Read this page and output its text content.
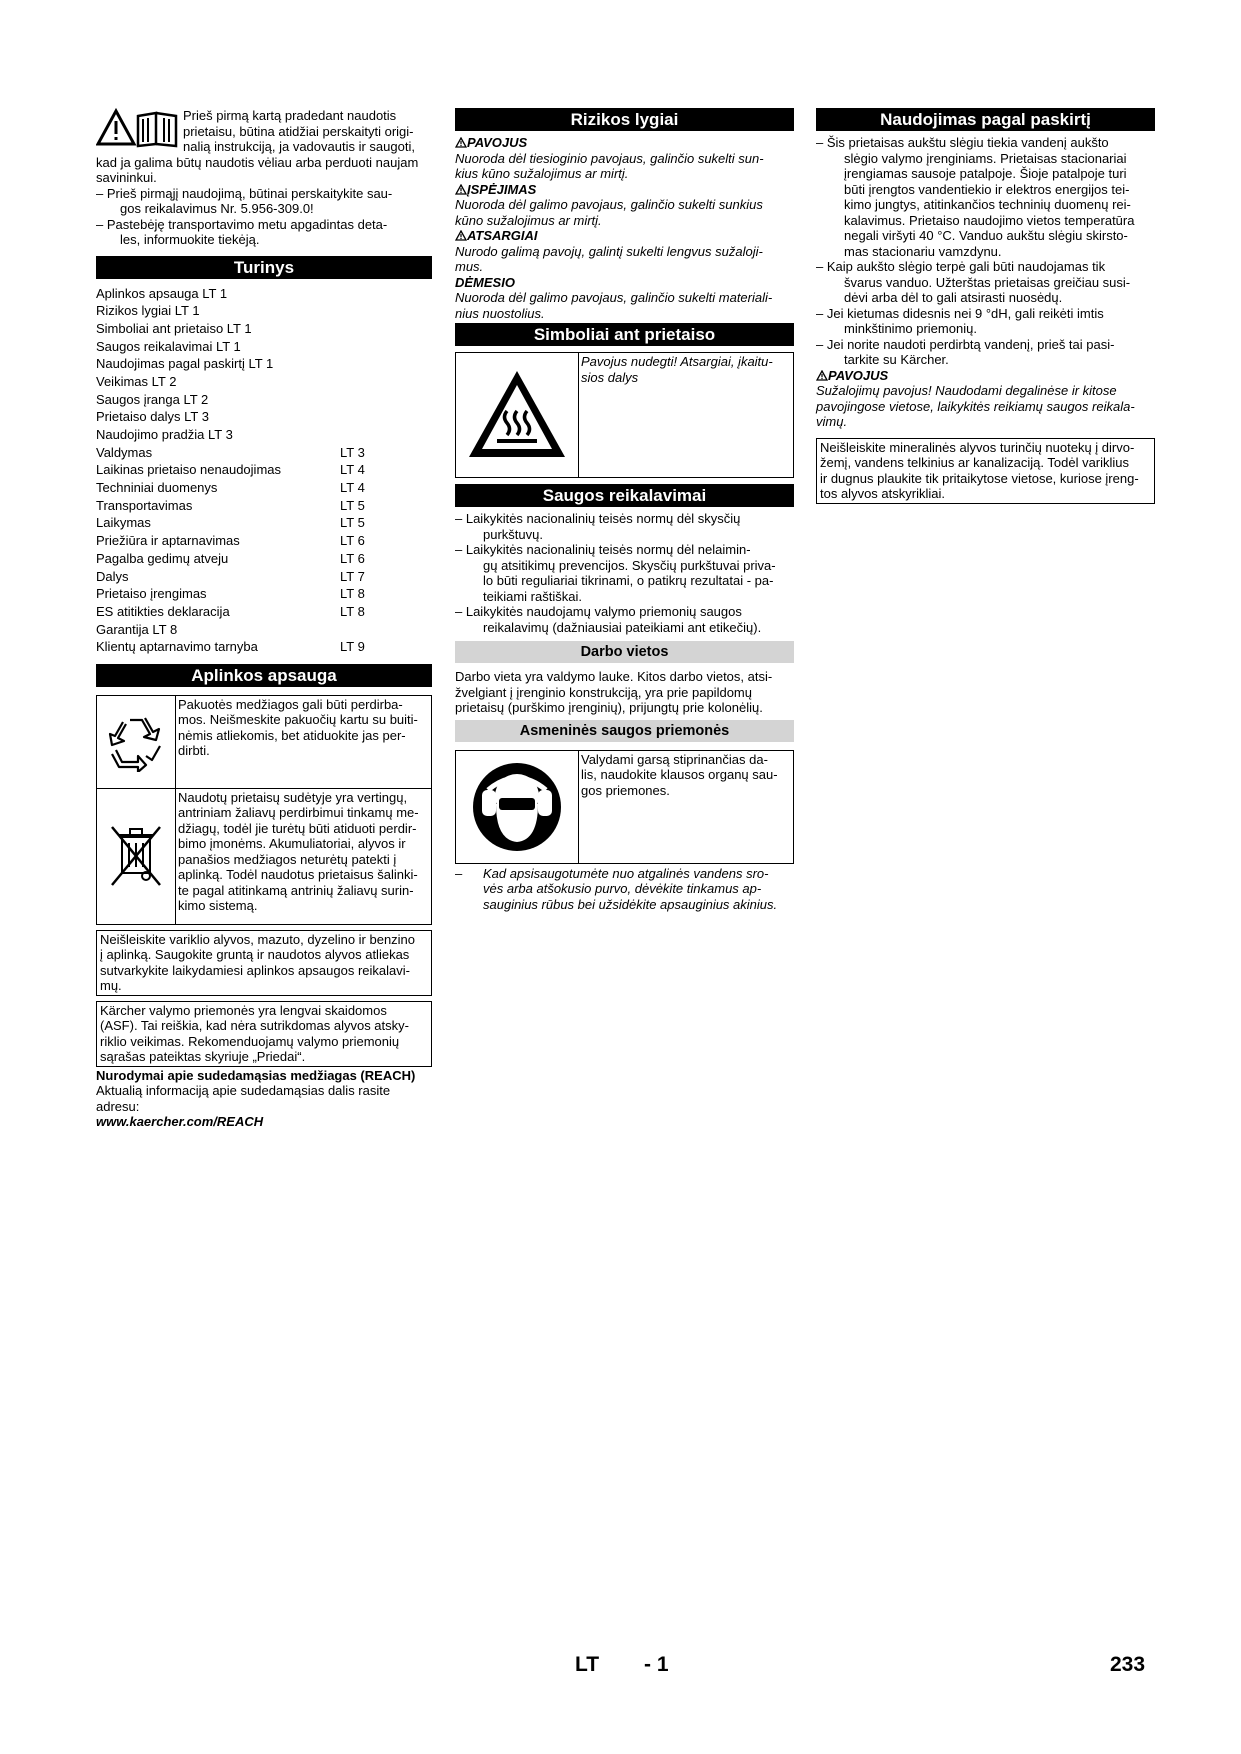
Prieš pirmą kartą pradedant naudotis

prietaisu, būtina atidžiai perskaityti origi-

nalią instrukciją, ja vadovautis ir saugoti,

kad ja galima būtų naudotis vėliau arba perduoti naujam

savininkui.

– Prieš pirmąjį naudojimą, būtinai perskaitykite sau-

gos reikalavimus Nr. 5.956-309.0!

– Pastebėję transportavimo metu apgadintas deta-

les, informuokite tiekėją.

Turinys
Aplinkos apsauga LT 1
Rizikos lygiai LT 1
Simboliai ant prietaiso LT 1
Saugos reikalavimai LT 1
Naudojimas pagal paskirtį LT 1
Veikimas LT 2
Saugos įranga LT 2
Prietaiso dalys LT 3
Naudojimo pradžia LT 3
Valdymas	LT 3
Laikinas prietaiso nenaudojimas	LT 4
Techniniai duomenys	LT 4
Transportavimas	LT 5
Laikymas	LT 5
Priežiūra ir aptarnavimas	LT 6
Pagalba gedimų atveju	LT 6
Dalys	LT 7
Prietaiso įrengimas	LT 8
ES atitikties deklaracija	LT 8
Garantija LT 8
Klientų aptarnavimo tarnyba	LT 9
Aplinkos apsauga

Pakuotės medžiagos gali būti perdirba-

mos. Neišmeskite pakuočių kartu su buiti-

nėmis atliekomis, bet atiduokite jas per-

dirbti.

Naudotų prietaisų sudėtyje yra vertingų,

antriniam žaliavų perdirbimui tinkamų me-

džiagų, todėl jie turėtų būti atiduoti perdir-

bimo įmonėms. Akumuliatoriai, alyvos ir

panašios medžiagos neturėtų patekti į

aplinką. Todėl naudotus prietaisus šalinki-

te pagal atitinkamą antrinių žaliavų surin-

kimo sistemą.

Neišleiskite variklio alyvos, mazuto, dyzelino ir benzino

į aplinką. Saugokite gruntą ir naudotos alyvos atliekas

sutvarkykite laikydamiesi aplinkos apsaugos reikalavi-

mų.

Kärcher valymo priemonės yra lengvai skaidomos

(ASF). Tai reiškia, kad nėra sutrikdomas alyvos atsky-

riklio veikimas. Rekomenduojamų valymo priemonių

sąrašas pateiktas skyriuje „Priedai“.

Nurodymai apie sudedamąsias medžiagas (REACH)

Aktualią informaciją apie sudedamąsias dalis rasite

adresu:

www.kaercher.com/REACH

Rizikos lygiai

PAVOJUS

Nuoroda dėl tiesioginio pavojaus, galinčio sukelti sun-

kius kūno sužalojimus ar mirtį.

ĮSPĖJIMAS

Nuoroda dėl galimo pavojaus, galinčio sukelti sunkius

kūno sužalojimus ar mirtį.

ATSARGIAI

Nurodo galimą pavojų, galintį sukelti lengvus sužaloji-

mus.

DĖMESIO

Nuoroda dėl galimo pavojaus, galinčio sukelti materiali-

nius nuostolius.

Simboliai ant prietaiso

Pavojus nudegti! Atsargiai, įkaitu-

sios dalys

Saugos reikalavimai

– Laikykitės nacionalinių teisės normų dėl skysčių

purkštuvų.

– Laikykitės nacionalinių teisės normų dėl nelaimin-

gų atsitikimų prevencijos. Skysčių purkštuvai priva-

lo būti reguliariai tikrinami, o patikrų rezultatai - pa-

teikiami raštiškai.

– Laikykitės naudojamų valymo priemonių saugos

reikalavimų (dažniausiai pateikiami ant etikečių).

Darbo vietos

Darbo vieta yra valdymo lauke. Kitos darbo vietos, atsi-

žvelgiant į įrenginio konstrukciją, yra prie papildomų

prietaisų (purškimo įrenginių), prijungtų prie kolonėlių.

Asmeninės saugos priemonės

Valydami garsą stiprinančias da-

lis, naudokite klausos organų sau-

gos priemones.

–	Kad apsisaugotumėte nuo atgalinės vandens sro-

vės arba atšokusio purvo, dėvėkite tinkamus ap-

sauginius rūbus bei užsidėkite apsauginius akinius.

Naudojimas pagal paskirtį

– Šis prietaisas aukštu slėgiu tiekia vandenį aukšto

slėgio valymo įrenginiams. Prietaisas stacionariai

įrengiamas sausoje patalpoje. Šioje patalpoje turi

būti įrengtos vandentiekio ir elektros energijos tei-

kimo jungtys, atitinkančios techninių duomenų rei-

kalavimus. Prietaiso naudojimo vietos temperatūra

negali viršyti 40 °C. Vanduo aukštu slėgiu skirsto-

mas stacionariu vamzdynu.

– Kaip aukšto slėgio terpė gali būti naudojamas tik

švarus vanduo. Užterštas prietaisas greičiau susi-

dėvi arba dėl to gali atsirasti nuosėdų.

– Jei kietumas didesnis nei 9 °dH, gali reikėti imtis

minkštinimo priemonių.

– Jei norite naudoti perdirbtą vandenį, prieš tai pasi-

tarkite su Kärcher.

PAVOJUS

Sužalojimų pavojus! Naudodami degalinėse ir kitose

pavojingose vietose, laikykitės reikiamų saugos reikala-

vimų.

Neišleiskite mineralinės alyvos turinčių nuotekų į dirvo-

žemį, vandens telkinius ar kanalizaciją. Todėl variklius

ir dugnus plaukite tik pritaikytose vietose, kuriose įreng-

tos alyvos atskyrikliai.

LT - 1	233
